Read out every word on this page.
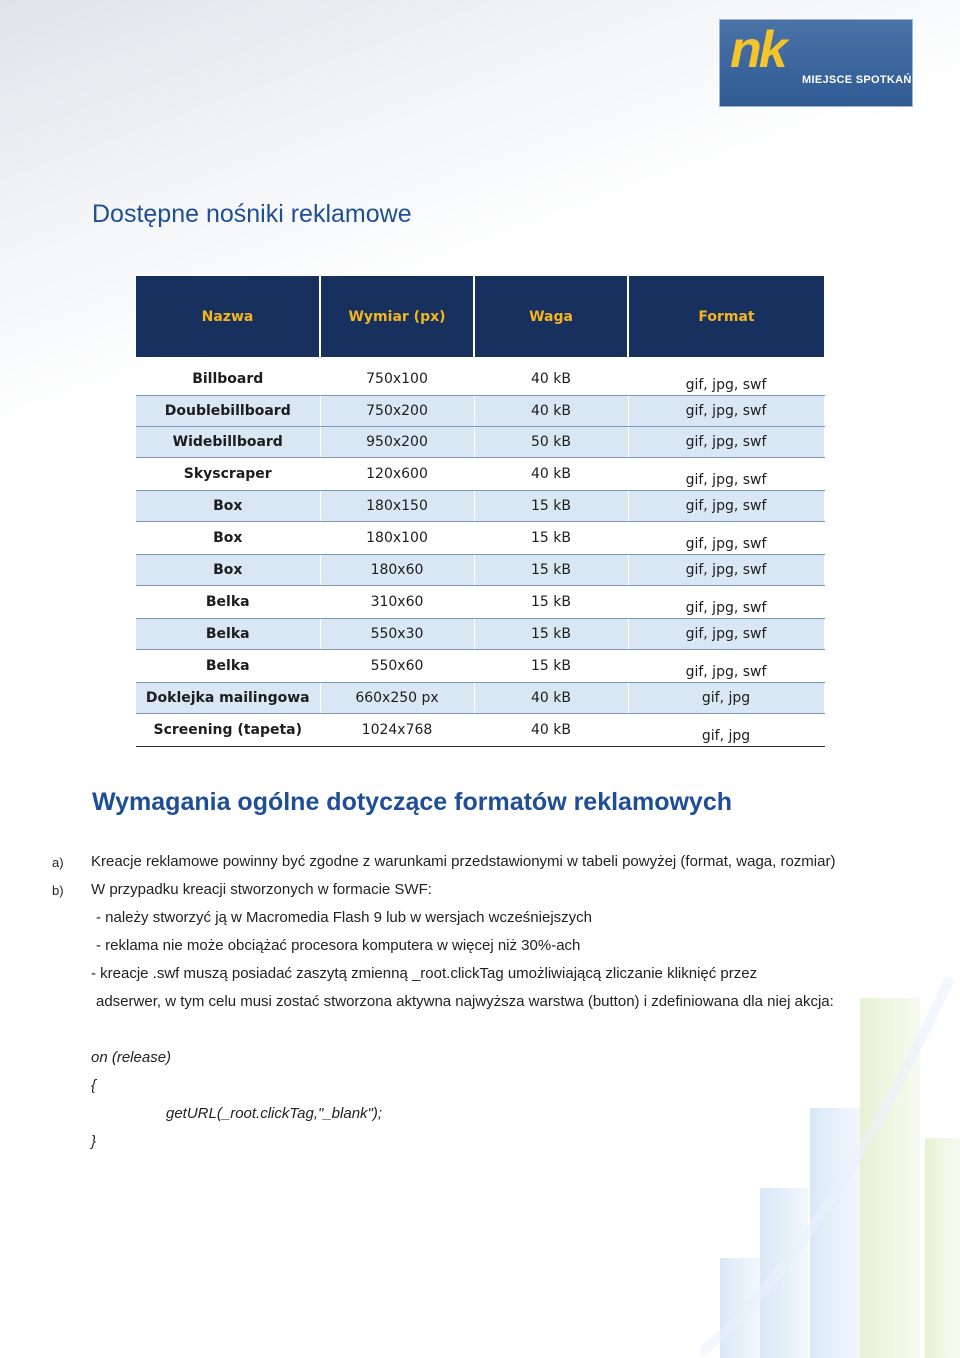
nk
MIEJSCE SPOTKAŃ
Dostępne nośniki reklamowe
Nazwa	Wymiar (px)	Waga	Format

Billboard	750x100	40 kB	gif, jpg, swf
Doublebillboard	750x200	40 kB	gif, jpg, swf
Widebillboard	950x200	50 kB	gif, jpg, swf
Skyscraper	120x600	40 kB	gif, jpg, swf
Box	180x150	15 kB	gif, jpg, swf
Box	180x100	15 kB	gif, jpg, swf
Box	180x60	15 kB	gif, jpg, swf
Belka	310x60	15 kB	gif, jpg, swf
Belka	550x30	15 kB	gif, jpg, swf
Belka	550x60	15 kB	gif, jpg, swf
Doklejka mailingowa	660x250 px	40 kB	gif, jpg
Screening (tapeta)	1024x768	40 kB	gif, jpg
Wymagania ogólne dotyczące formatów reklamowych
a) Kreacje reklamowe powinny być zgodne z warunkami przedstawionymi w tabeli powyżej (format, waga, rozmiar)
b) W przypadku kreacji stworzonych w formacie SWF:
- należy stworzyć ją w Macromedia Flash 9 lub w wersjach wcześniejszych
- reklama nie może obciążać procesora komputera w więcej niż 30%-ach
- kreacje .swf muszą posiadać zaszytą zmienną _root.clickTag umożliwiającą zliczanie kliknięć przez
adserwer, w tym celu musi zostać stworzona aktywna najwyższa warstwa (button) i zdefiniowana dla niej akcja:
on (release)
{
getURL(_root.clickTag,"_blank");
}
